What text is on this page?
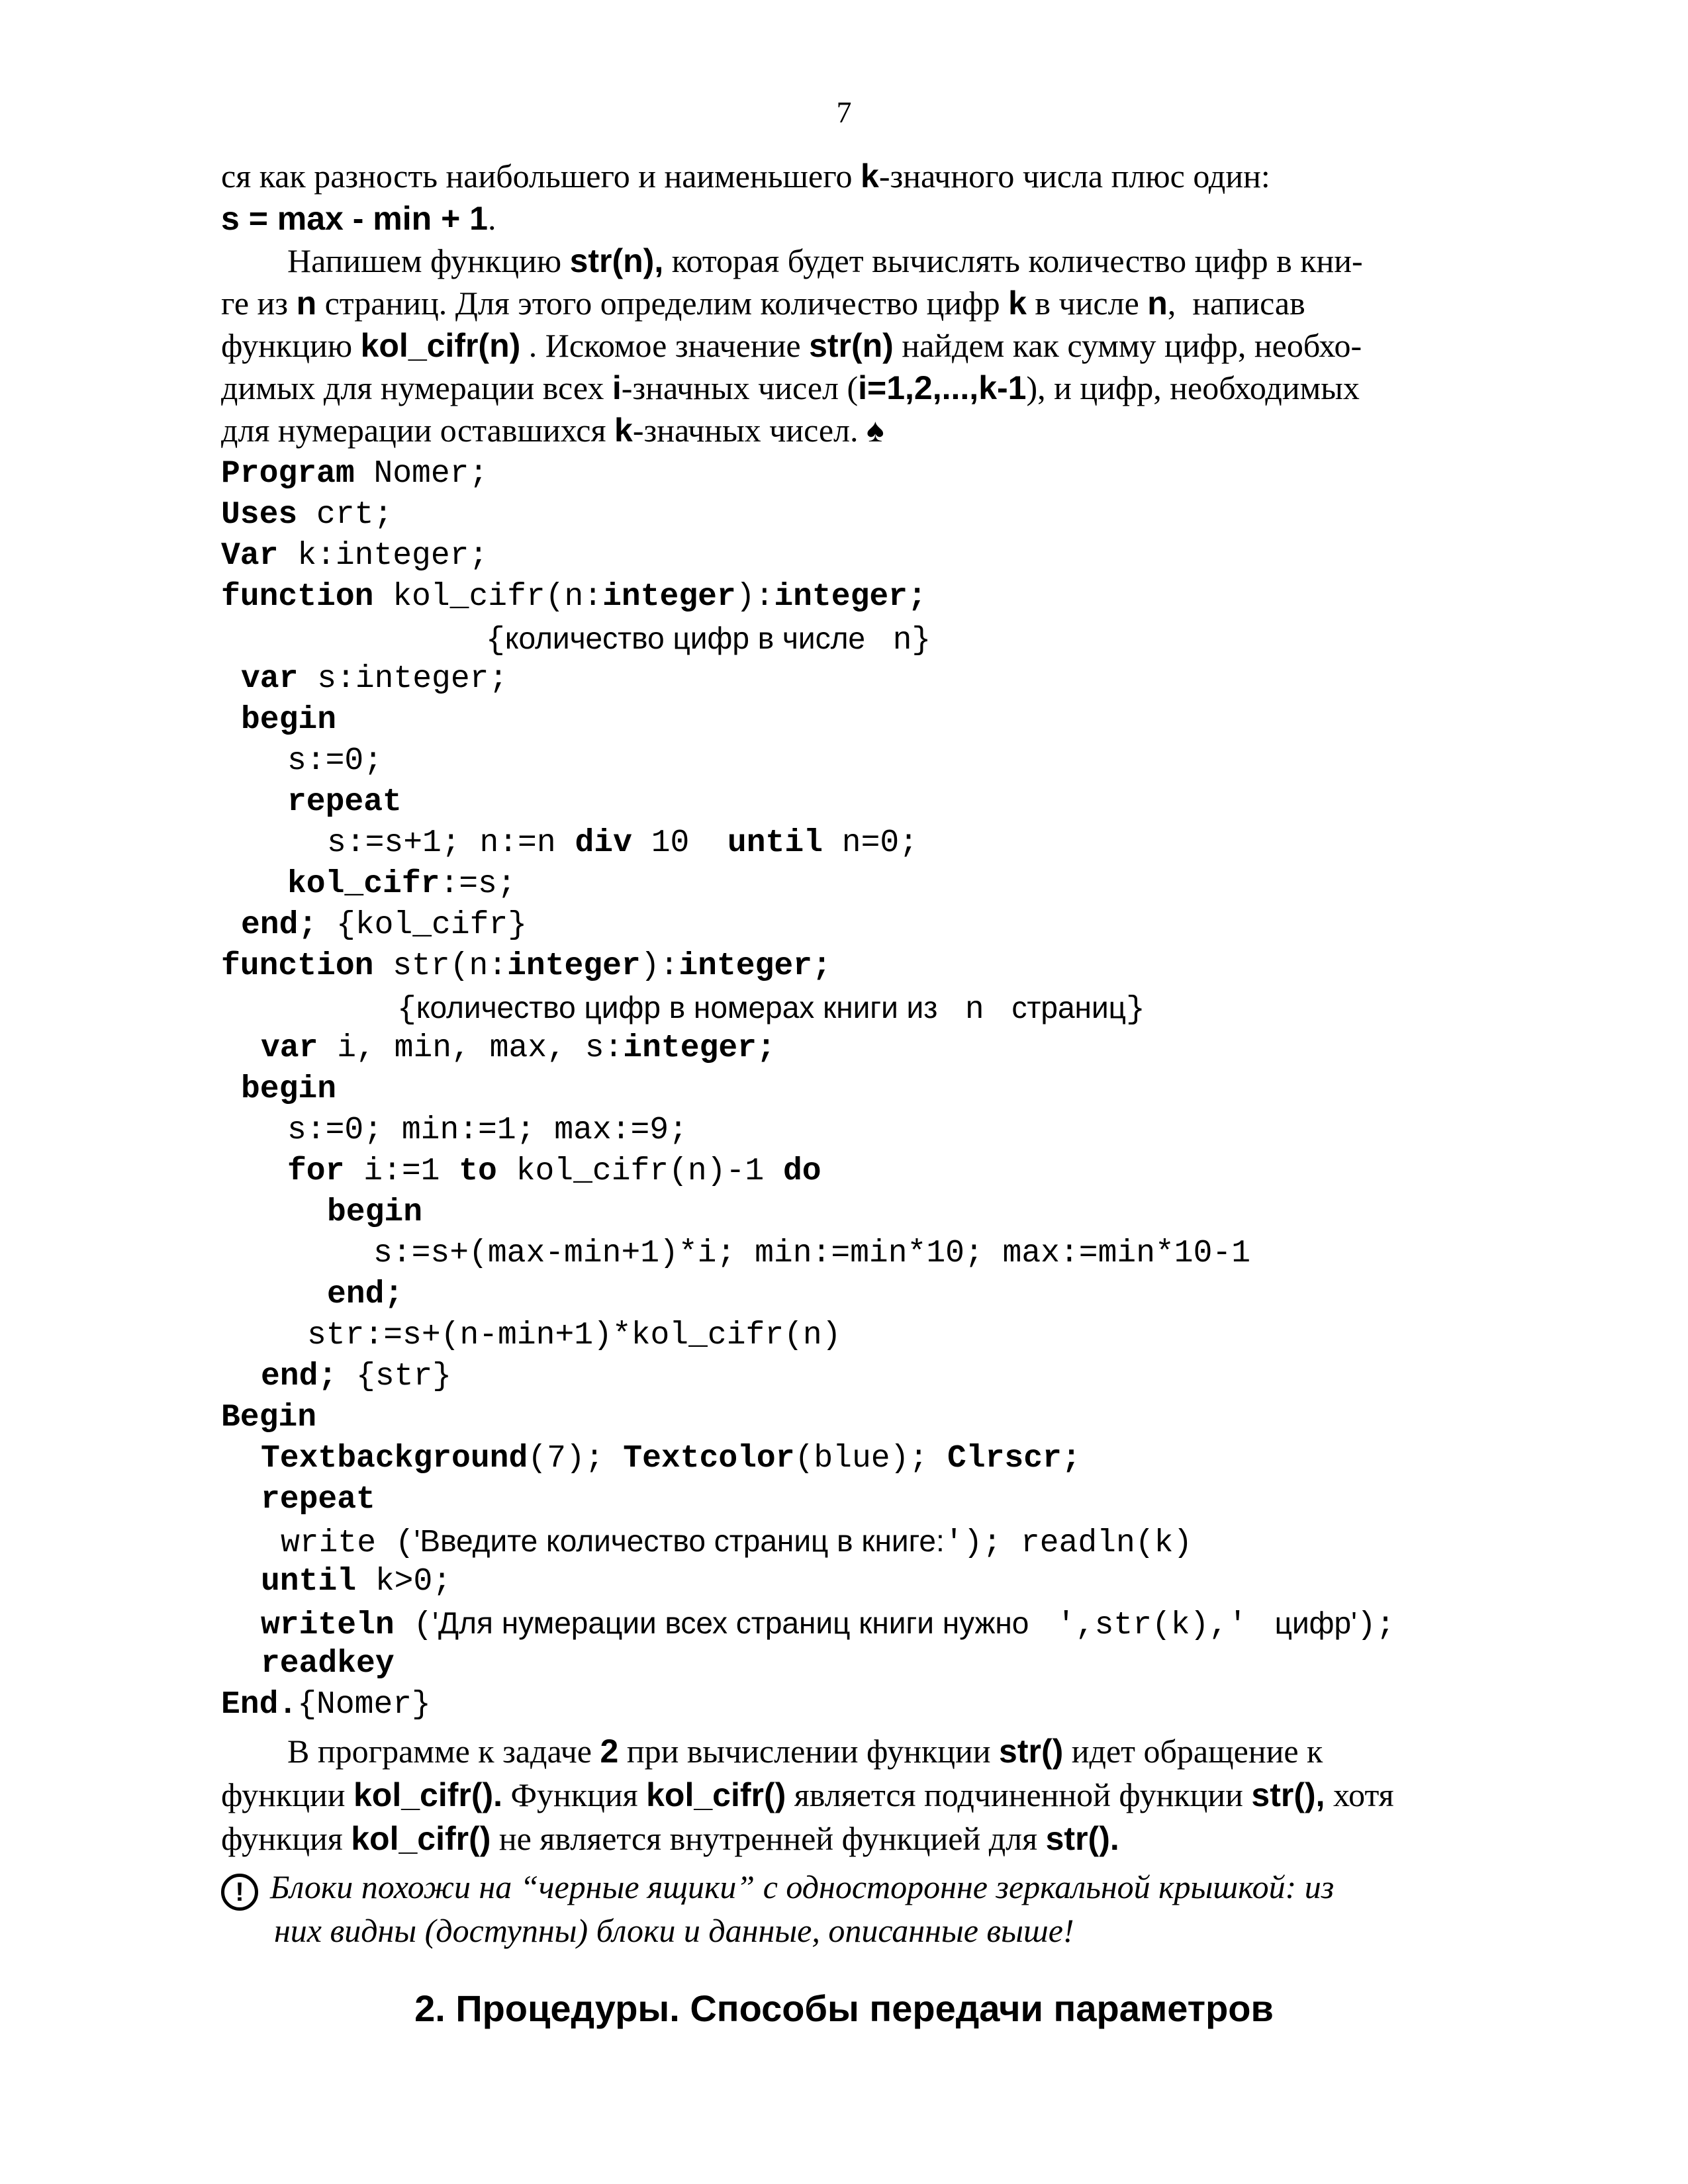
7
ся как разность наибольшего и наименьшего k-значного числа плюс один:
s = max - min + 1.
Напишем функцию str(n), которая будет вычислять количество цифр в кни-
ге из n страниц. Для этого определим количество цифр k в числе n,  написав
функцию kol_cifr(n) . Искомое значение str(n) найдем как сумму цифр, необхо-
димых для нумерации всех i-значных чисел (i=1,2,...,k-1), и цифр, необходимых
для нумерации оставшихся k-значных чисел. ♠
Program Nomer;
Uses crt;
Var k:integer;
function kol_cifr(n:integer):integer;
{количество цифр в числе  n}
var s:integer;
begin
s:=0;
repeat
s:=s+1; n:=n div 10  until n=0;
kol_cifr:=s;
end; {kol_cifr}
function str(n:integer):integer;
{количество цифр в номерах книги из  n  страниц}
var i, min, max, s:integer;
begin
s:=0; min:=1; max:=9;
for i:=1 to kol_cifr(n)-1 do
begin
s:=s+(max-min+1)*i; min:=min*10; max:=min*10-1
end;
str:=s+(n-min+1)*kol_cifr(n)
end; {str}
Begin
Textbackground(7); Textcolor(blue); Clrscr;
repeat
write ('Введите количество страниц в книге:'); readln(k)
until k>0;
writeln ('Для нумерации всех страниц книги нужно  ',str(k),'  цифр');
readkey
End.{Nomer}
В программе к задаче 2 при вычислении функции str() идет обращение к
функции kol_cifr(). Функция kol_cifr() является подчиненной функции str(), хотя
функция kol_cifr() не является внутренней функцией для str().
! Блоки похожи на “черные ящики” с односторонне зеркальной крышкой: из
них видны (доступны) блоки и данные, описанные выше!
2. Процедуры. Способы передачи параметров
